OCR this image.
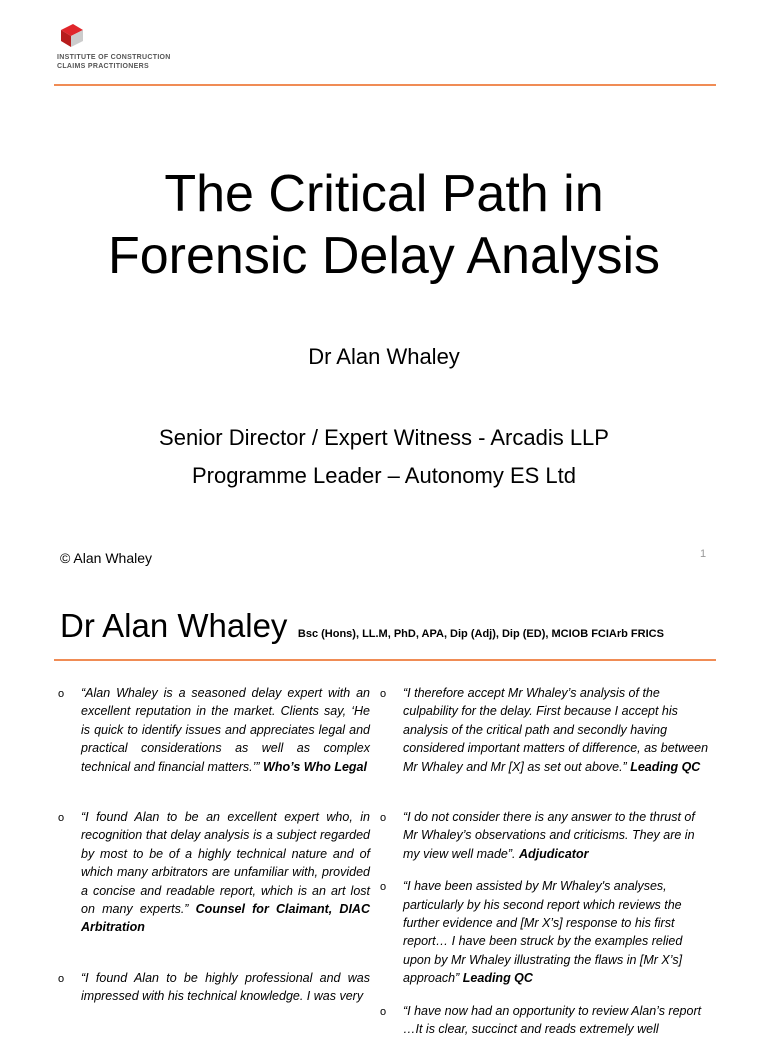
INSTITUTE OF CONSTRUCTION
CLAIMS PRACTITIONERS
The Critical Path in
Forensic Delay Analysis
Dr Alan Whaley
Senior Director / Expert Witness - Arcadis LLP
Programme Leader – Autonomy ES Ltd
© Alan Whaley	1
Dr Alan Whaley Bsc (Hons), LL.M, PhD, APA, Dip (Adj), Dip (ED), MCIOB FCIArb FRICS
o “Alan Whaley is a seasoned delay expert with an excellent reputation in the market. Clients say, ‘He is quick to identify issues and appreciates legal and practical considerations as well as complex technical and financial matters.’” Who’s Who Legal
o “I found Alan to be an excellent expert who, in recognition that delay analysis is a subject regarded by most to be of a highly technical nature and of which many arbitrators are unfamiliar with, provided a concise and readable report, which is an art lost on many experts.” Counsel for Claimant, DIAC Arbitration
o “I found Alan to be highly professional and was impressed with his technical knowledge. I was very
o “I therefore accept Mr Whaley’s analysis of the culpability for the delay. First because I accept his analysis of the critical path and secondly having considered important matters of difference, as between Mr Whaley and Mr [X] as set out above.” Leading QC
o “I do not consider there is any answer to the thrust of Mr Whaley’s observations and criticisms. They are in my view well made”. Adjudicator
o “I have been assisted by Mr Whaley's analyses, particularly by his second report which reviews the further evidence and [Mr X’s] response to his first report… I have been struck by the examples relied upon by Mr Whaley illustrating the flaws in [Mr X’s] approach” Leading QC
o “I have now had an opportunity to review Alan’s report …It is clear, succinct and reads extremely well
